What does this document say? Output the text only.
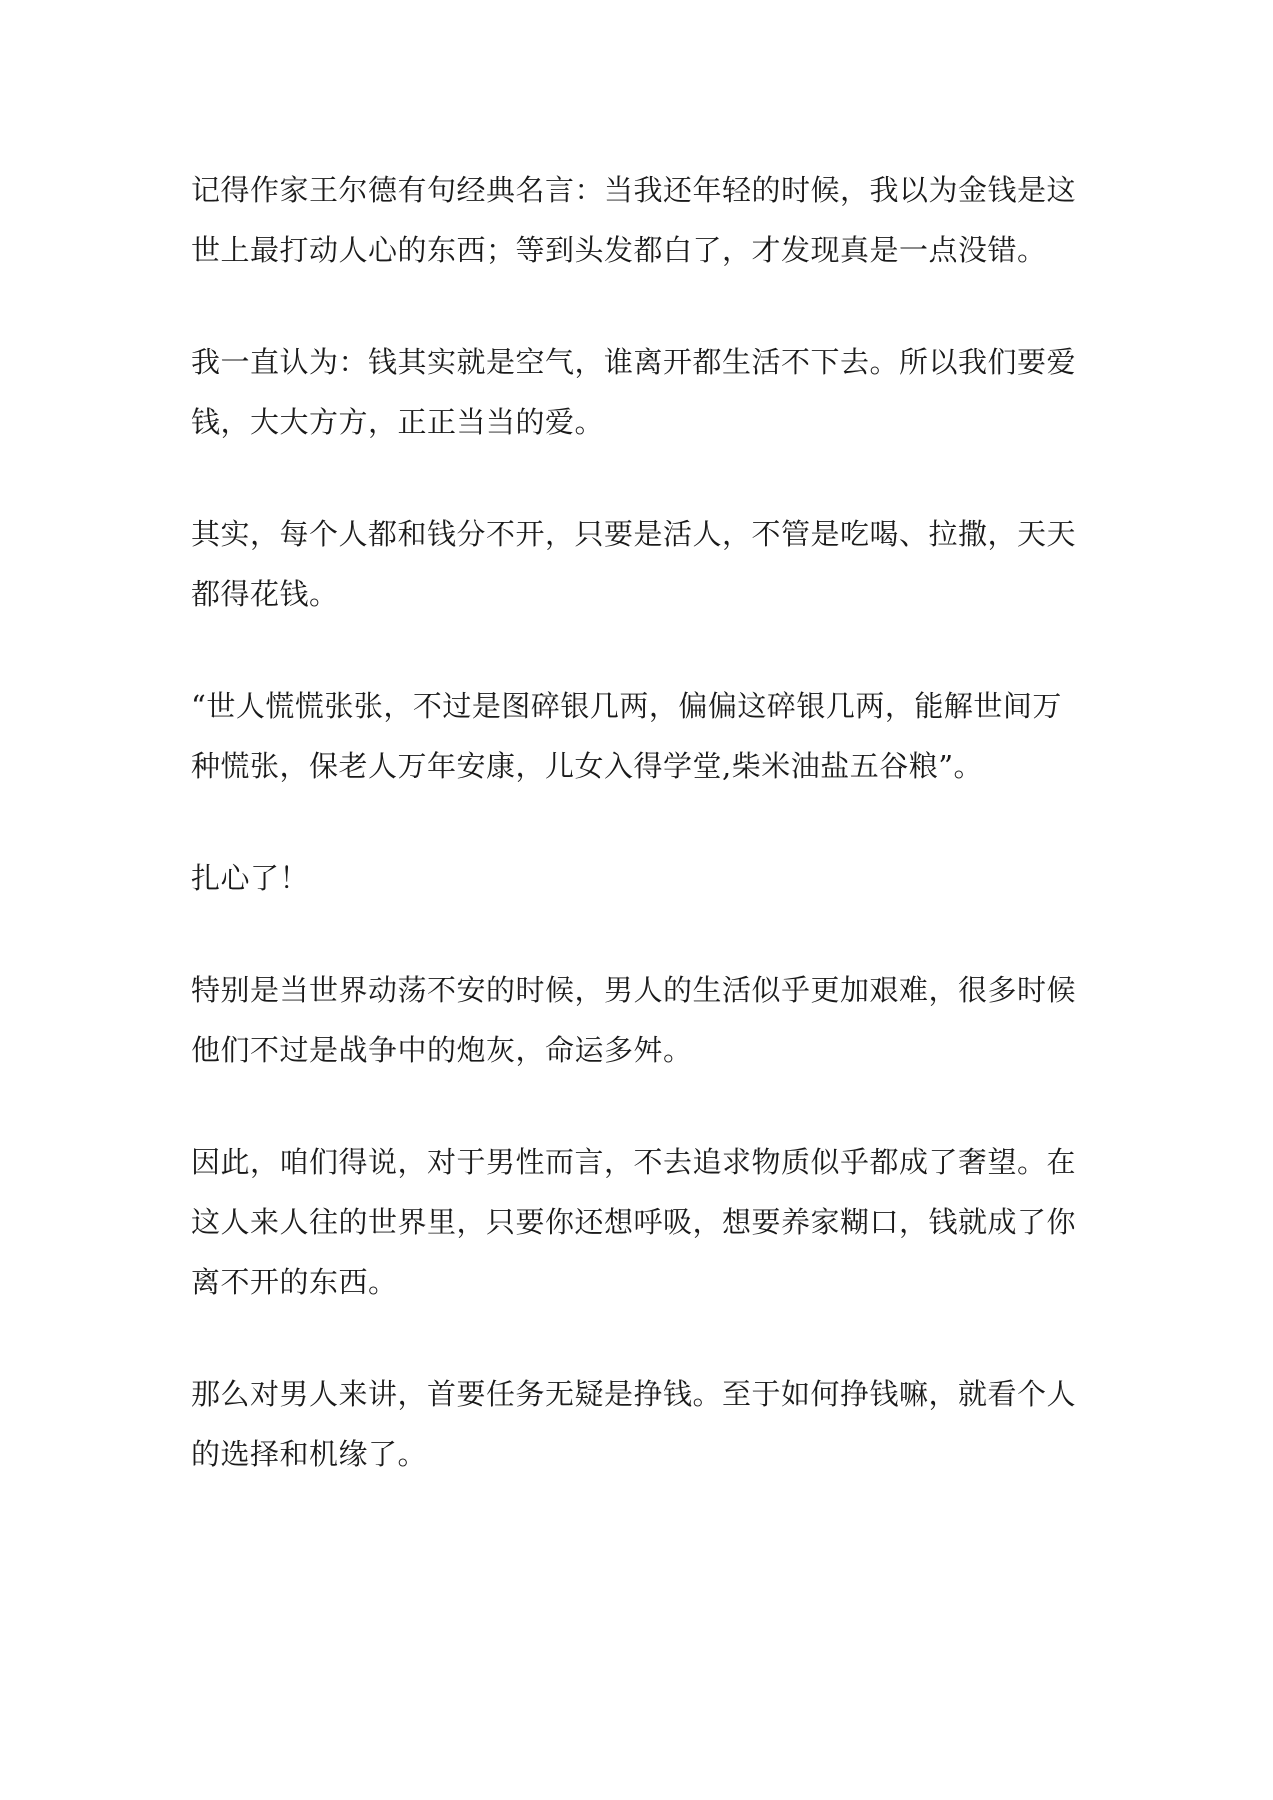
记得作家王尔德有句经典名言：当我还年轻的时候，我以为金钱是这世上最打动人心的东西；等到头发都白了，才发现真是一点没错。

我一直认为：钱其实就是空气，谁离开都生活不下去。所以我们要爱钱，大大方方，正正当当的爱。

其实，每个人都和钱分不开，只要是活人，不管是吃喝、拉撒，天天都得花钱。

“世人慌慌张张，不过是图碎银几两，偏偏这碎银几两，能解世间万种慌张，保老人万年安康，儿女入得学堂,柴米油盐五谷粮”。

扎心了！

特别是当世界动荡不安的时候，男人的生活似乎更加艰难，很多时候他们不过是战争中的炮灰，命运多舛。

因此，咱们得说，对于男性而言，不去追求物质似乎都成了奢望。在这人来人往的世界里，只要你还想呼吸，想要养家糊口，钱就成了你离不开的东西。

那么对男人来讲，首要任务无疑是挣钱。至于如何挣钱嘛，就看个人的选择和机缘了。
